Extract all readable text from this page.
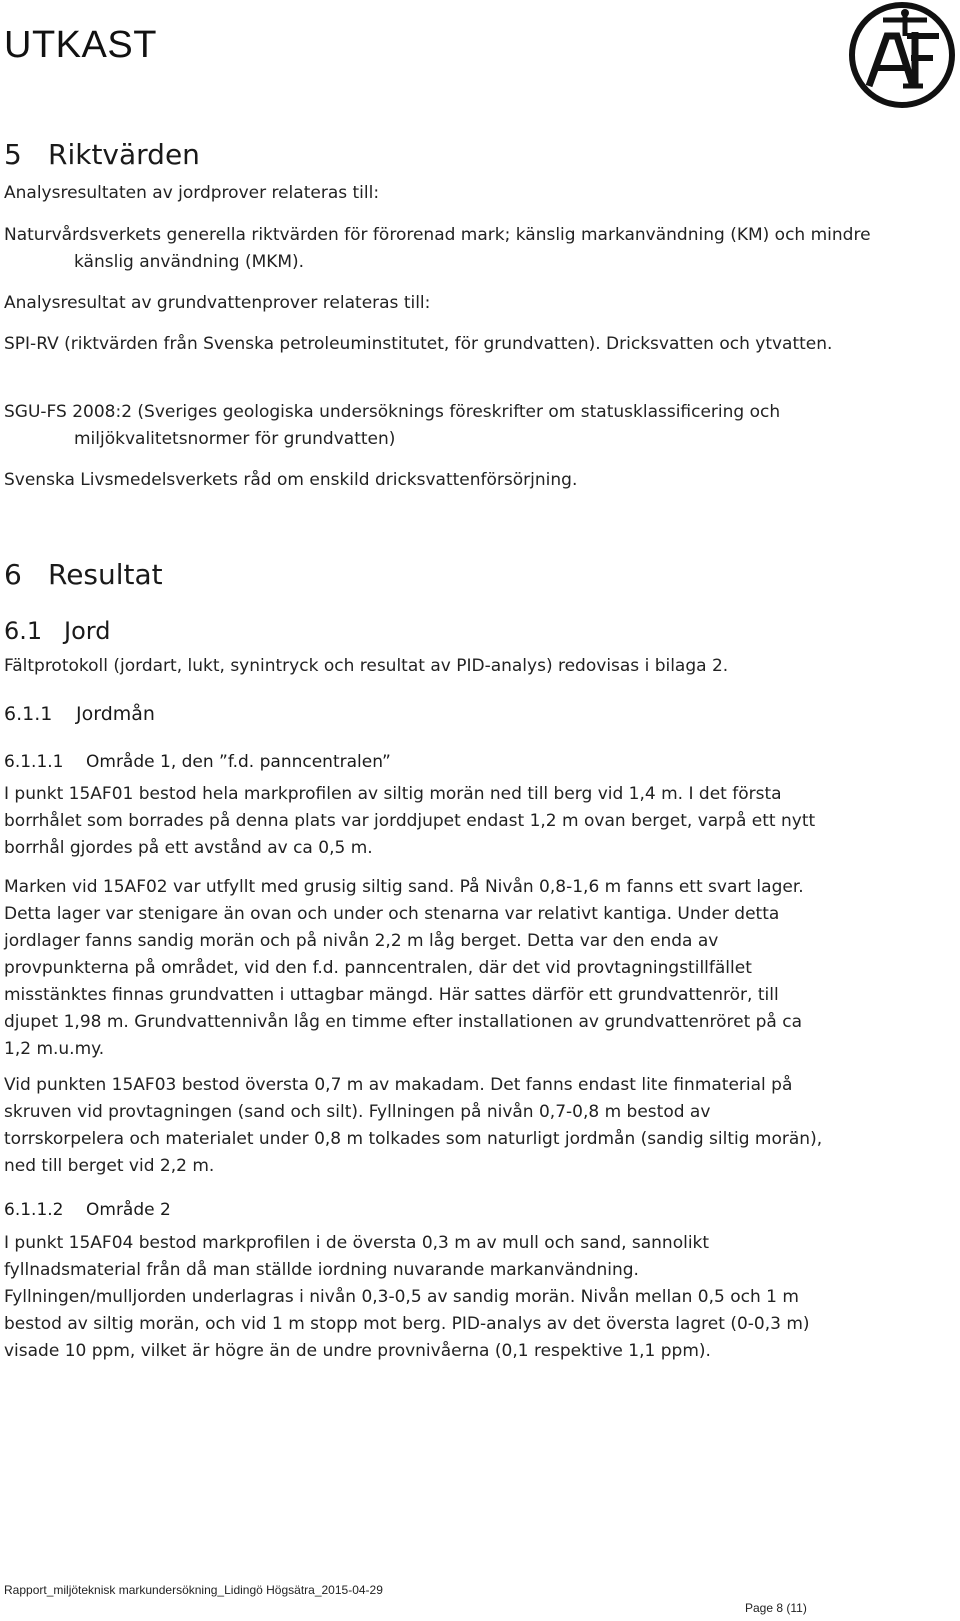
UTKAST
5 Riktvärden
Analysresultaten av jordprover relateras till:
Naturvårdsverkets generella riktvärden för förorenad mark; känslig markanvändning (KM) och mindre känslig användning (MKM).
Analysresultat av grundvattenprover relateras till:
SPI-RV (riktvärden från Svenska petroleuminstitutet, för grundvatten). Dricksvatten och ytvatten.
SGU-FS 2008:2 (Sveriges geologiska undersöknings föreskrifter om statusklassificering och miljökvalitetsnormer för grundvatten)
Svenska Livsmedelsverkets råd om enskild dricksvattenförsörjning.
6 Resultat
6.1 Jord
Fältprotokoll (jordart, lukt, synintryck och resultat av PID-analys) redovisas i bilaga 2.
6.1.1 Jordmån
6.1.1.1 Område 1, den ”f.d. panncentralen”
I punkt 15AF01 bestod hela markprofilen av siltig morän ned till berg vid 1,4 m. I det första borrhålet som borrades på denna plats var jorddjupet endast 1,2 m ovan berget, varpå ett nytt borrhål gjordes på ett avstånd av ca 0,5 m.
Marken vid 15AF02 var utfyllt med grusig siltig sand. På Nivån 0,8-1,6 m fanns ett svart lager. Detta lager var stenigare än ovan och under och stenarna var relativt kantiga. Under detta jordlager fanns sandig morän och på nivån 2,2 m låg berget. Detta var den enda av provpunkterna på området, vid den f.d. panncentralen, där det vid provtagningstillfället misstänktes finnas grundvatten i uttagbar mängd. Här sattes därför ett grundvattenrör, till djupet 1,98 m. Grundvattennivån låg en timme efter installationen av grundvattenröret på ca 1,2 m.u.my.
Vid punkten 15AF03 bestod översta 0,7 m av makadam. Det fanns endast lite finmaterial på skruven vid provtagningen (sand och silt). Fyllningen på nivån 0,7-0,8 m bestod av torrskorpelera och materialet under 0,8 m tolkades som naturligt jordmån (sandig siltig morän), ned till berget vid 2,2 m.
6.1.1.2 Område 2
I punkt 15AF04 bestod markprofilen i de översta 0,3 m av mull och sand, sannolikt fyllnadsmaterial från då man ställde iordning nuvarande markanvändning. Fyllningen/mulljorden underlagras i nivån 0,3-0,5 av sandig morän. Nivån mellan 0,5 och 1 m bestod av siltig morän, och vid 1 m stopp mot berg. PID-analys av det översta lagret (0-0,3 m) visade 10 ppm, vilket är högre än de undre provnivåerna (0,1 respektive 1,1 ppm).
Rapport_miljöteknisk markundersökning_Lidingö Högsätra_2015-04-29
Page 8 (11)
